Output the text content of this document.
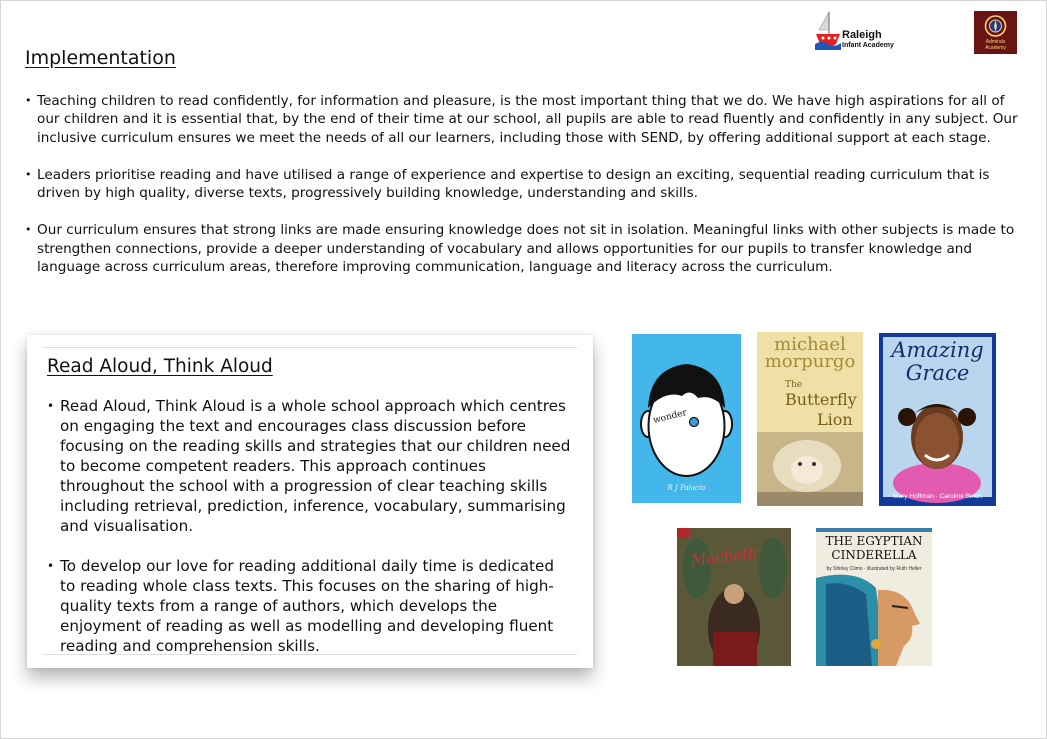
Raleigh
Infant Academy	Admirals
Academy
Implementation
• Teaching children to read confidently, for information and pleasure, is the most important thing that we do. We have high aspirations for all of our children and it is essential that, by the end of their time at our school, all pupils are able to read fluently and confidently in any subject. Our inclusive curriculum ensures we meet the needs of all our learners, including those with SEND, by offering additional support at each stage.
• Leaders prioritise reading and have utilised a range of experience and expertise to design an exciting, sequential reading curriculum that is driven by high quality, diverse texts, progressively building knowledge, understanding and skills.
• Our curriculum ensures that strong links are made ensuring knowledge does not sit in isolation. Meaningful links with other subjects is made to strengthen connections, provide a deeper understanding of vocabulary and allows opportunities for our pupils to transfer knowledge and language across curriculum areas, therefore improving communication, language and literacy across the curriculum.
Read Aloud, Think Aloud
• Read Aloud, Think Aloud is a whole school approach which centres on engaging the text and encourages class discussion before focusing on the reading skills and strategies that our children need to become competent readers. This approach continues throughout the school with a progression of clear teaching skills including retrieval, prediction, inference, vocabulary, summarising and visualisation.
• To develop our love for reading additional daily time is dedicated to reading whole class texts. This focuses on the sharing of high-quality texts from a range of authors, which develops the enjoyment of reading as well as modelling and developing fluent reading and comprehension skills.
wonder
R J Palacio
michael morpurgo
The
Butterfly
Lion
Amazing
Grace
Mary Hoffman · Caroline Binch
Macbeth
THE EGYPTIAN
CINDERELLA
by Shirley Climo · illustrated by Ruth Heller
